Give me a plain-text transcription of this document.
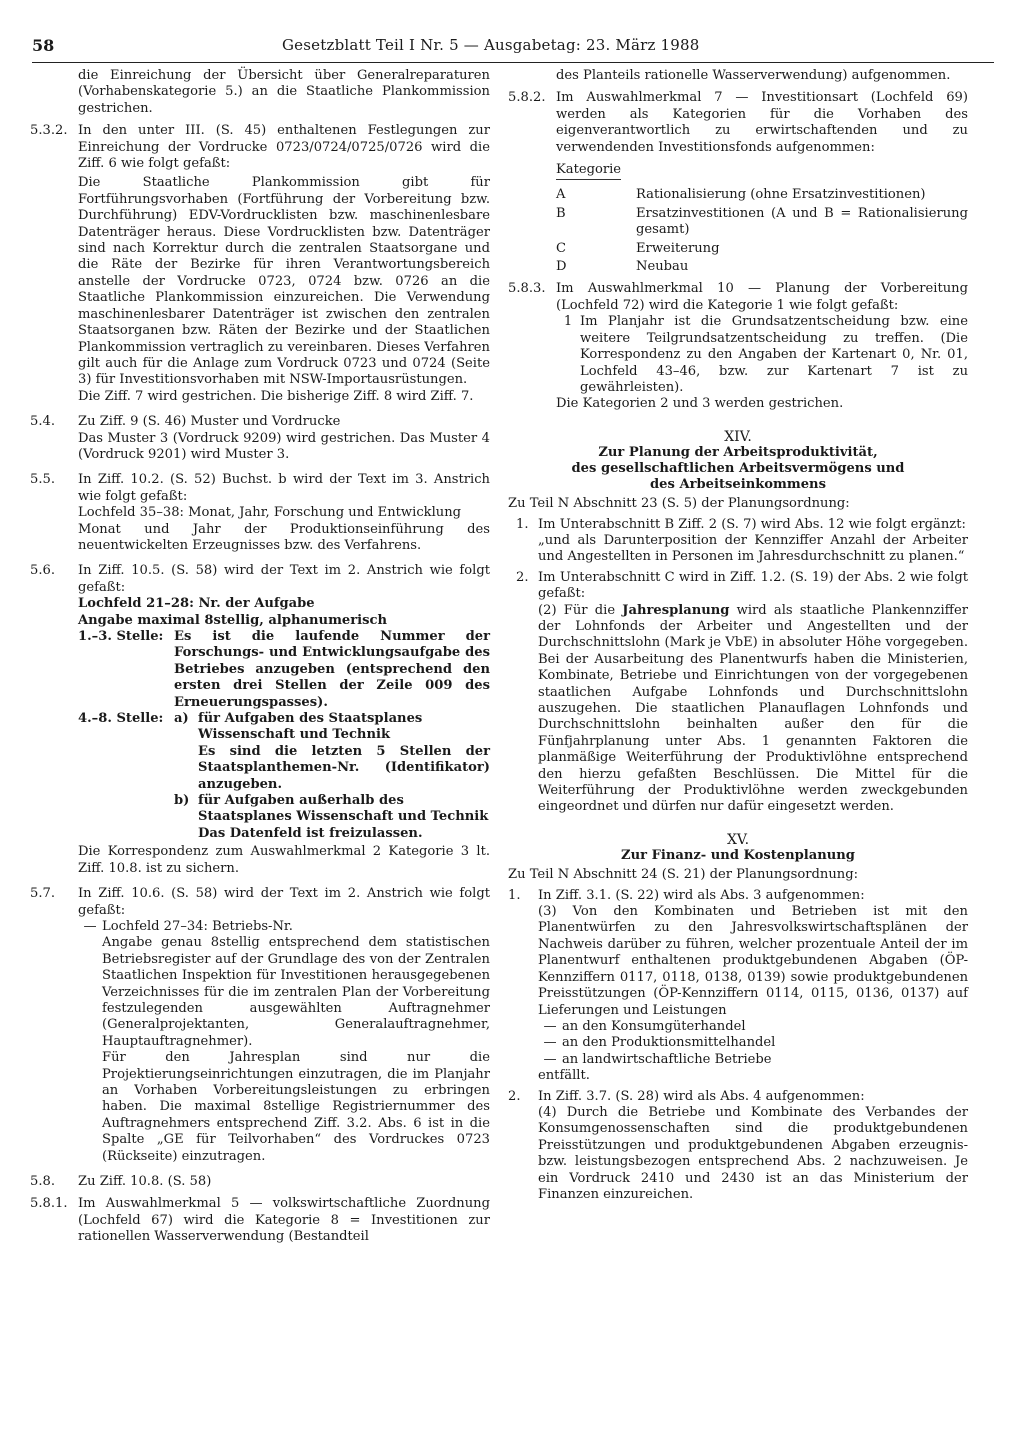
58	Gesetzblatt Teil I Nr. 5 — Ausgabetag: 23. März 1988
die Einreichung der Übersicht über Generalreparaturen (Vorhabenskategorie 5.) an die Staatliche Plankommission gestrichen.
5.3.2. In den unter III. (S. 45) enthaltenen Festlegungen zur Einreichung der Vordrucke 0723/0724/0725/0726 wird die Ziff. 6 wie folgt gefaßt:
Die Staatliche Plankommission gibt für Fortführungsvorhaben (Fortführung der Vorbereitung bzw. Durchführung) EDV-Vordrucklisten bzw. maschinenlesbare Datenträger heraus. Diese Vordrucklisten bzw. Datenträger sind nach Korrektur durch die zentralen Staatsorgane und die Räte der Bezirke für ihren Verantwortungsbereich anstelle der Vordrucke 0723, 0724 bzw. 0726 an die Staatliche Plankommission einzureichen. Die Verwendung maschinenlesbarer Datenträger ist zwischen den zentralen Staatsorganen bzw. Räten der Bezirke und der Staatlichen Plankommission vertraglich zu vereinbaren. Dieses Verfahren gilt auch für die Anlage zum Vordruck 0723 und 0724 (Seite 3) für Investitionsvorhaben mit NSW-Importausrüstungen.
Die Ziff. 7 wird gestrichen. Die bisherige Ziff. 8 wird Ziff. 7.
5.4.	Zu Ziff. 9 (S. 46) Muster und Vordrucke
Das Muster 3 (Vordruck 9209) wird gestrichen. Das Muster 4 (Vordruck 9201) wird Muster 3.
5.5.	In Ziff. 10.2. (S. 52) Buchst. b wird der Text im 3. Anstrich wie folgt gefaßt:
Lochfeld 35–38: Monat, Jahr, Forschung und Entwicklung
Monat und Jahr der Produktionseinführung des neuentwickelten Erzeugnisses bzw. des Verfahrens.
5.6.	In Ziff. 10.5. (S. 58) wird der Text im 2. Anstrich wie folgt gefaßt:
Lochfeld 21–28: Nr. der Aufgabe
Angabe maximal 8stellig, alphanumerisch
1.–3. Stelle: Es ist die laufende Nummer der Forschungs- und Entwicklungsaufgabe des Betriebes anzugeben (entsprechend den ersten drei Stellen der Zeile 009 des Erneuerungspasses).
4.–8. Stelle: a) für Aufgaben des Staatsplanes Wissenschaft und Technik
Es sind die letzten 5 Stellen der Staatsplanthemen-Nr. (Identifikator) anzugeben.
b) für Aufgaben außerhalb des Staatsplanes Wissenschaft und Technik
Das Datenfeld ist freizulassen.
Die Korrespondenz zum Auswahlmerkmal 2 Kategorie 3 lt. Ziff. 10.8. ist zu sichern.
5.7.	In Ziff. 10.6. (S. 58) wird der Text im 2. Anstrich wie folgt gefaßt:
— Lochfeld 27–34: Betriebs-Nr.
Angabe genau 8stellig entsprechend dem statistischen Betriebsregister auf der Grundlage des von der Zentralen Staatlichen Inspektion für Investitionen herausgegebenen Verzeichnisses für die im zentralen Plan der Vorbereitung festzulegenden ausgewählten Auftragnehmer (Generalprojektanten, Generalauftragnehmer, Hauptauftragnehmer).
Für den Jahresplan sind nur die Projektierungseinrichtungen einzutragen, die im Planjahr an Vorhaben Vorbereitungsleistungen zu erbringen haben. Die maximal 8stellige Registriernummer des Auftragnehmers entsprechend Ziff. 3.2. Abs. 6 ist in die Spalte „GE für Teilvorhaben“ des Vordruckes 0723 (Rückseite) einzutragen.
5.8.	Zu Ziff. 10.8. (S. 58)
5.8.1. Im Auswahlmerkmal 5 — volkswirtschaftliche Zuordnung (Lochfeld 67) wird die Kategorie 8 = Investitionen zur rationellen Wasserverwendung (Bestandteil
des Planteils rationelle Wasserverwendung) aufgenommen.
5.8.2. Im Auswahlmerkmal 7 — Investitionsart (Lochfeld 69) werden als Kategorien für die Vorhaben des eigenverantwortlich zu erwirtschaftenden und zu verwendenden Investitionsfonds aufgenommen:
Kategorie
A	Rationalisierung (ohne Ersatzinvestitionen)
B	Ersatzinvestitionen (A und B = Rationalisierung gesamt)
C	Erweiterung
D	Neubau
5.8.3. Im Auswahlmerkmal 10 — Planung der Vorbereitung (Lochfeld 72) wird die Kategorie 1 wie folgt gefaßt:
1 Im Planjahr ist die Grundsatzentscheidung bzw. eine weitere Teilgrundsatzentscheidung zu treffen. (Die Korrespondenz zu den Angaben der Kartenart 0, Nr. 01, Lochfeld 43–46, bzw. zur Kartenart 7 ist zu gewährleisten).
Die Kategorien 2 und 3 werden gestrichen.
XIV.
Zur Planung der Arbeitsproduktivität,
des gesellschaftlichen Arbeitsvermögens und
des Arbeitseinkommens
Zu Teil N Abschnitt 23 (S. 5) der Planungsordnung:
1. Im Unterabschnitt B Ziff. 2 (S. 7) wird Abs. 12 wie folgt ergänzt:
„und als Darunterposition der Kennziffer Anzahl der Arbeiter und Angestellten in Personen im Jahresdurchschnitt zu planen.“
2. Im Unterabschnitt C wird in Ziff. 1.2. (S. 19) der Abs. 2 wie folgt gefaßt:
(2) Für die Jahresplanung wird als staatliche Plankennziffer der Lohnfonds der Arbeiter und Angestellten und der Durchschnittslohn (Mark je VbE) in absoluter Höhe vorgegeben. Bei der Ausarbeitung des Planentwurfs haben die Ministerien, Kombinate, Betriebe und Einrichtungen von der vorgegebenen staatlichen Aufgabe Lohnfonds und Durchschnittslohn auszugehen. Die staatlichen Planauflagen Lohnfonds und Durchschnittslohn beinhalten außer den für die Fünfjahrplanung unter Abs. 1 genannten Faktoren die planmäßige Weiterführung der Produktivlöhne entsprechend den hierzu gefaßten Beschlüssen. Die Mittel für die Weiterführung der Produktivlöhne werden zweckgebunden eingeordnet und dürfen nur dafür eingesetzt werden.
XV.
Zur Finanz- und Kostenplanung
Zu Teil N Abschnitt 24 (S. 21) der Planungsordnung:
1.	In Ziff. 3.1. (S. 22) wird als Abs. 3 aufgenommen:
(3) Von den Kombinaten und Betrieben ist mit den Planentwürfen zu den Jahresvolkswirtschaftsplänen der Nachweis darüber zu führen, welcher prozentuale Anteil der im Planentwurf enthaltenen produktgebundenen Abgaben (ÖP-Kennziffern 0117, 0118, 0138, 0139) sowie produktgebundenen Preisstützungen (ÖP-Kennziffern 0114, 0115, 0136, 0137) auf Lieferungen und Leistungen
— an den Konsumgüterhandel
— an den Produktionsmittelhandel
— an landwirtschaftliche Betriebe
entfällt.
2.	In Ziff. 3.7. (S. 28) wird als Abs. 4 aufgenommen:
(4) Durch die Betriebe und Kombinate des Verbandes der Konsumgenossenschaften sind die produktgebundenen Preisstützungen und produktgebundenen Abgaben erzeugnis- bzw. leistungsbezogen entsprechend Abs. 2 nachzuweisen. Je ein Vordruck 2410 und 2430 ist an das Ministerium der Finanzen einzureichen.
